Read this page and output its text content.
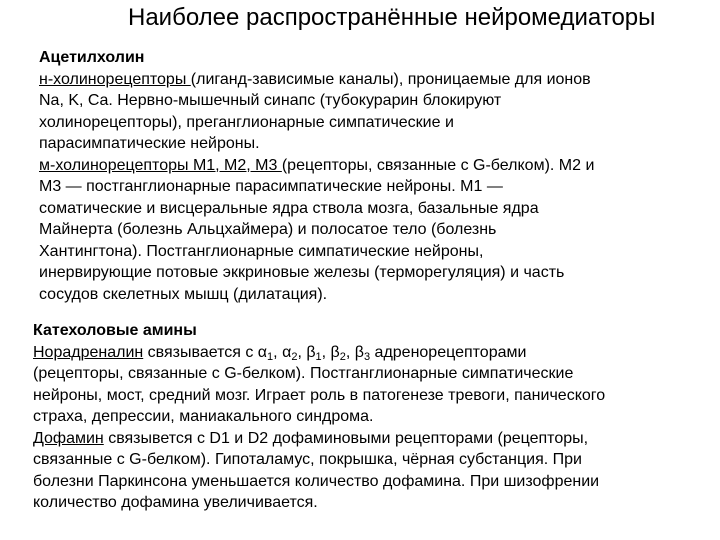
Наиболее распространённые нейромедиаторы
Ацетилхолин
н-холинорецепторы (лиганд-зависимые каналы), проницаемые для ионов
Na, K, Ca. Нервно-мышечный синапс (тубокурарин блокируют
холинорецепторы), преганглионарные симпатические и
парасимпатические нейроны.
м-холинорецепторы М1, М2, М3 (рецепторы, связанные с G-белком). М2 и
М3 — постганглионарные парасимпатические нейроны. М1 —
соматические и висцеральные ядра ствола мозга, базальные ядра
Майнерта (болезнь Альцхаймера) и полосатое тело (болезнь
Хантингтона). Постганглионарные симпатические нейроны,
инервирующие потовые эккриновые железы (терморегуляция) и часть
сосудов скелетных мышц (дилатация).
Катехоловые амины
Норадреналин связывается с $\alpha_1$, $\alpha_2$, $\beta_1$, $\beta_2$, $\beta_3$ адренорецепторами
(рецепторы, связанные с G-белком). Постганглионарные симпатические
нейроны, мост, средний мозг. Играет роль в патогенезе тревоги, панического
страха, депрессии, маниакального синдрома.
Дофамин связывется с D1 и D2 дофаминовыми рецепторами (рецепторы,
связанные с G-белком). Гипоталамус, покрышка, чёрная субстанция. При
болезни Паркинсона уменьшается количество дофамина. При шизофрении
количество дофамина увеличивается.
